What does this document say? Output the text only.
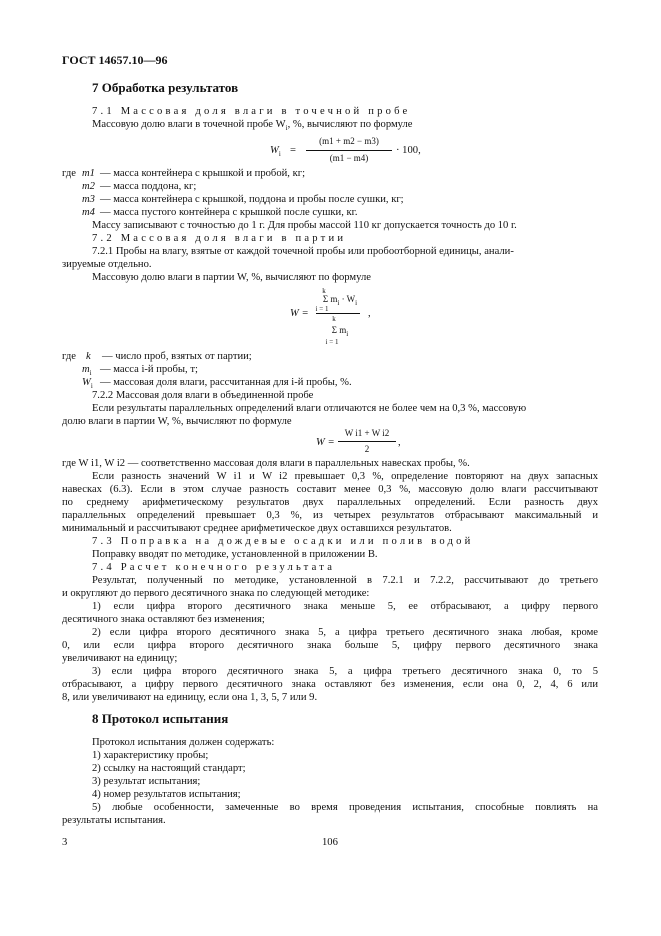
ГОСТ 14657.10—96
7 Обработка результатов
7.1 Массовая доля влаги в точечной пробе
Массовую долю влаги в точечной пробе $W_i$, %, вычисляют по формуле
$W_i$ =
(m1 + m2 − m3)
(m1 − m4)
· 100,
где m1 — масса контейнера с крышкой и пробой, кг;
m2 — масса поддона, кг;
m3 — масса контейнера с крышкой, поддона и пробы после сушки, кг;
m4 — масса пустого контейнера с крышкой после сушки, кг.
Массу записывают с точностью до 1 г. Для пробы массой 110 кг допускается точность до 10 г.
7.2 Массовая доля влаги в партии
7.2.1 Пробы на влагу, взятые от каждой точечной пробы или пробоотборной единицы, анали-
зируемые отдельно.
Массовую долю влаги в партии W, %, вычисляют по формуле
W =
k
Σ $m_i \cdot W_i$
i = 1
k
Σ $m_i$
i = 1
,
где k — число проб, взятых от партии;
$m_i$ — масса i-й пробы, т;
$W_i$ — массовая доля влаги, рассчитанная для i-й пробы, %.
7.2.2 Массовая доля влаги в объединенной пробе
Если результаты параллельных определений влаги отличаются не более чем на 0,3 %, массовую
долю влаги в партии W, %, вычисляют по формуле
W =
W i1 + W i2
2
,
где W i1, W i2 — соответственно массовая доля влаги в параллельных навесках пробы, %.
Если разность значений W i1 и W i2 превышает 0,3 %, определение повторяют на двух запасных
навесках (6.3). Если в этом случае разность составит менее 0,3 %, массовую долю влаги рассчитывают
по среднему арифметическому результатов двух параллельных определений. Если разность двух
параллельных определений превышает 0,3 %, из четырех результатов отбрасывают максимальный и
минимальный и рассчитывают среднее арифметическое двух оставшихся результатов.
7.3 Поправка на дождевые осадки или полив водой
Поправку вводят по методике, установленной в приложении В.
7.4 Расчет конечного результата
Результат, полученный по методике, установленной в 7.2.1 и 7.2.2, рассчитывают до третьего
и округляют до первого десятичного знака по следующей методике:
1) если цифра второго десятичного знака меньше 5, ее отбрасывают, а цифру первого
десятичного знака оставляют без изменения;
2) если цифра второго десятичного знака 5, а цифра третьего десятичного знака любая, кроме
0, или если цифра второго десятичного знака больше 5, цифру первого десятичного знака
увеличивают на единицу;
3) если цифра второго десятичного знака 5, а цифра третьего десятичного знака 0, то 5
отбрасывают, а цифру первого десятичного знака оставляют без изменения, если она 0, 2, 4, 6 или
8, или увеличивают на единицу, если она 1, 3, 5, 7 или 9.
8 Протокол испытания
Протокол испытания должен содержать:
1) характеристику пробы;
2) ссылку на настоящий стандарт;
3) результат испытания;
4) номер результатов испытания;
5) любые особенности, замеченные во время проведения испытания, способные повлиять на
результаты испытания.
3	106
